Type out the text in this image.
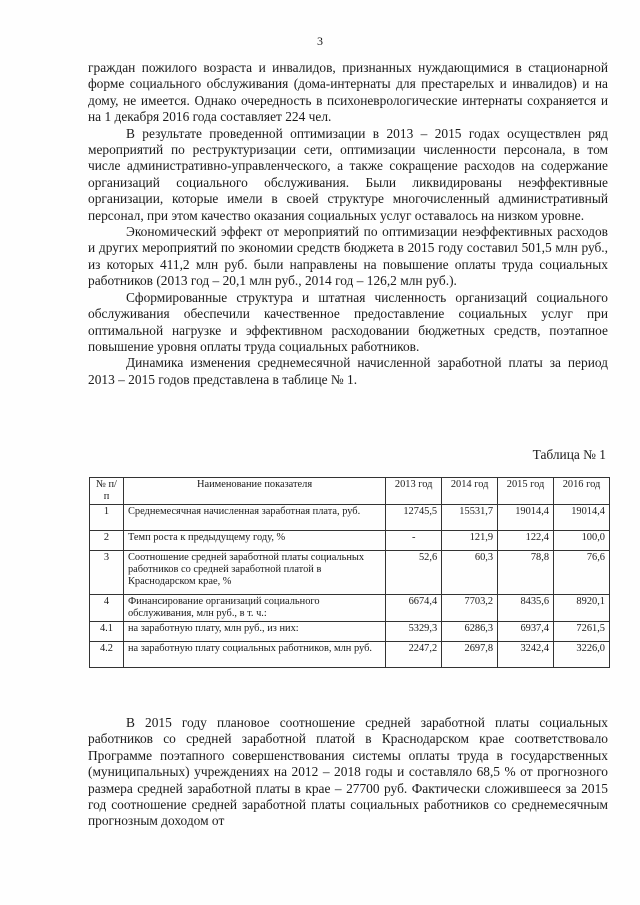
3

граждан пожилого возраста и инвалидов, признанных нуждающимися в стационарной форме социального обслуживания (дома-интернаты для престарелых и инвалидов) и на дому, не имеется. Однако очередность в психоневрологические интернаты сохраняется и на 1 декабря 2016 года составляет 224 чел.

В результате проведенной оптимизации в 2013 – 2015 годах осуществлен ряд мероприятий по реструктуризации сети, оптимизации численности персонала, в том числе административно-управленческого, а также сокращение расходов на содержание организаций социального обслуживания. Были ликвидированы неэффективные организации, которые имели в своей структуре многочисленный административный персонал, при этом качество оказания социальных услуг оставалось на низком уровне.

Экономический эффект от мероприятий по оптимизации неэффективных расходов и других мероприятий по экономии средств бюджета в 2015 году составил 501,5 млн руб., из которых 411,2 млн руб. были направлены на повышение оплаты труда социальных работников (2013 год – 20,1 млн руб., 2014 год – 126,2 млн руб.).

Сформированные структура и штатная численность организаций социального обслуживания обеспечили качественное предоставление социальных услуг при оптимальной нагрузке и эффективном расходовании бюджетных средств, поэтапное повышение уровня оплаты труда социальных работников.

Динамика изменения среднемесячной начисленной заработной платы за период 2013 – 2015 годов представлена в таблице № 1.

Таблица № 1
№ п/п	Наименование показателя	2013 год	2014 год	2015 год	2016 год
1	Среднемесячная начисленная заработная плата, руб.	12745,5	15531,7	19014,4	19014,4
2	Темп роста к предыдущему году, %	-	121,9	122,4	100,0
3	Соотношение средней заработной платы социальных работников со средней заработной платой в Краснодарском крае, %	52,6	60,3	78,8	76,6
4	Финансирование организаций социального обслуживания, млн руб., в т. ч.:	6674,4	7703,2	8435,6	8920,1
4.1	на заработную плату, млн руб., из них:	5329,3	6286,3	6937,4	7261,5
4.2	на заработную плату социальных работников, млн руб.	2247,2	2697,8	3242,4	3226,0

В 2015 году плановое соотношение средней заработной платы социальных работников со средней заработной платой в Краснодарском крае соответствовало Программе поэтапного совершенствования системы оплаты труда в государственных (муниципальных) учреждениях на 2012 – 2018 годы и составляло 68,5 % от прогнозного размера средней заработной платы в крае – 27700 руб. Фактически сложившееся за 2015 год соотношение средней заработной платы социальных работников со среднемесячным прогнозным доходом от
